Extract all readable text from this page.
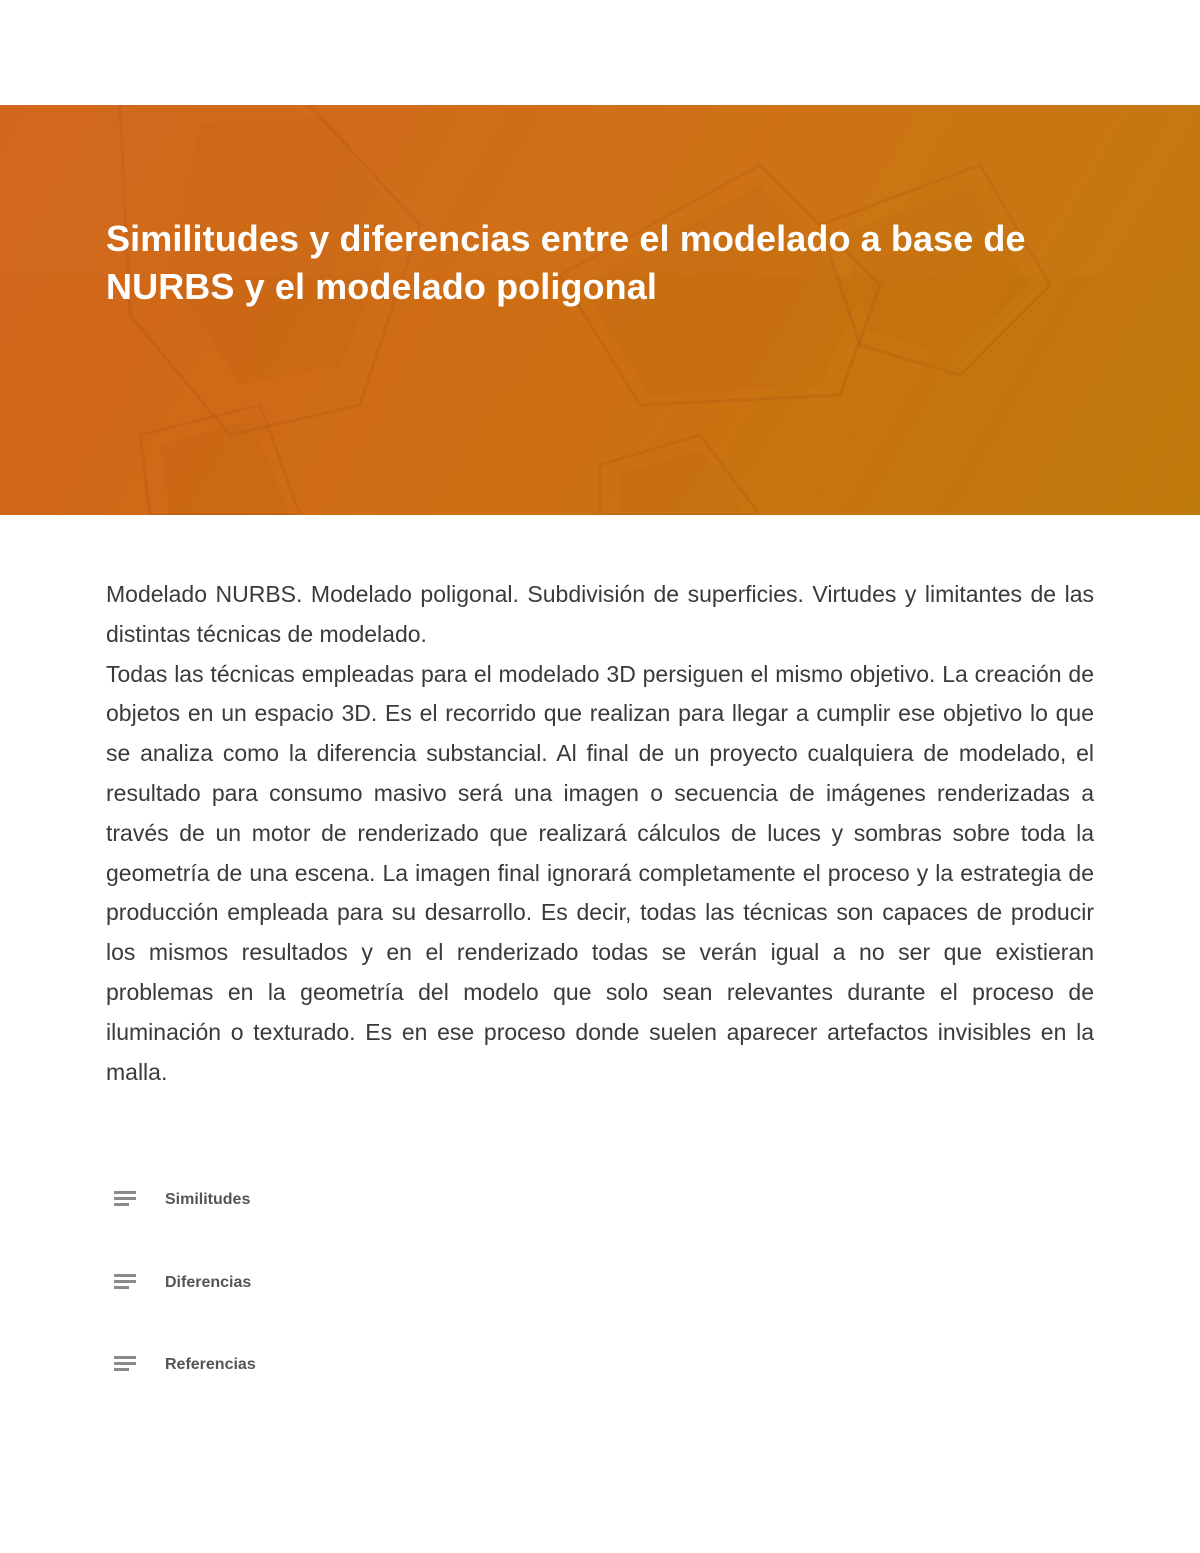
Similitudes y diferencias entre el modelado a base de NURBS y el modelado poligonal

Modelado NURBS. Modelado poligonal. Subdivisión de superficies. Virtudes y limitantes de las distintas técnicas de modelado.

Todas las técnicas empleadas para el modelado 3D persiguen el mismo objetivo. La creación de objetos en un espacio 3D. Es el recorrido que realizan para llegar a cumplir ese objetivo lo que se analiza como la diferencia substancial. Al final de un proyecto cualquiera de modelado, el resultado para consumo masivo será una imagen o secuencia de imágenes renderizadas a través de un motor de renderizado que realizará cálculos de luces y sombras sobre toda la geometría de una escena. La imagen final ignorará completamente el proceso y la estrategia de producción empleada para su desarrollo. Es decir, todas las técnicas son capaces de producir los mismos resultados y en el renderizado todas se verán igual a no ser que existieran problemas en la geometría del modelo que solo sean relevantes durante el proceso de iluminación o texturado. Es en ese proceso donde suelen aparecer artefactos invisibles en la malla.

Similitudes
Diferencias
Referencias
